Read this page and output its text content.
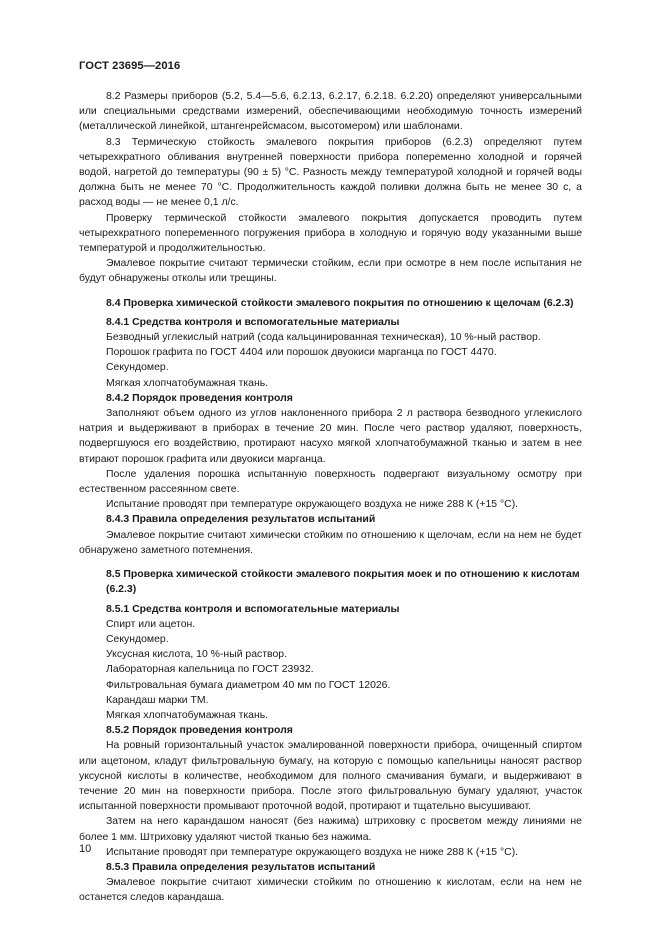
ГОСТ 23695—2016
8.2 Размеры приборов (5.2, 5.4—5.6, 6.2.13, 6.2.17, 6.2.18. 6.2.20) определяют универсальными или специальными средствами измерений, обеспечивающими необходимую точность измерений (металлической линейкой, штангенрейсмасом, высотомером) или шаблонами.
8.3 Термическую стойкость эмалевого покрытия приборов (6.2.3) определяют путем четырехкратного обливания внутренней поверхности прибора попеременно холодной и горячей водой, нагретой до температуры (90 ± 5) °С. Разность между температурой холодной и горячей воды должна быть не менее 70 °С. Продолжительность каждой поливки должна быть не менее 30 с, а расход воды — не менее 0,1 л/с.
Проверку термической стойкости эмалевого покрытия допускается проводить путем четырехкратного попеременного погружения прибора в холодную и горячую воду указанными выше температурой и продолжительностью.
Эмалевое покрытие считают термически стойким, если при осмотре в нем после испытания не будут обнаружены отколы или трещины.
8.4 Проверка химической стойкости эмалевого покрытия по отношению к щелочам (6.2.3)
8.4.1 Средства контроля и вспомогательные материалы
Безводный углекислый натрий (сода кальцинированная техническая), 10 %-ный раствор.
Порошок графита по ГОСТ 4404 или порошок двуокиси марганца по ГОСТ 4470.
Секундомер.
Мягкая хлопчатобумажная ткань.
8.4.2 Порядок проведения контроля
Заполняют объем одного из углов наклоненного прибора 2 л раствора безводного углекислого натрия и выдерживают в приборах в течение 20 мин. После чего раствор удаляют, поверхность, подвергшуюся его воздействию, протирают насухо мягкой хлопчатобумажной тканью и затем в нее втирают порошок графита или двуокиси марганца.
После удаления порошка испытанную поверхность подвергают визуальному осмотру при естественном рассеянном свете.
Испытание проводят при температуре окружающего воздуха не ниже 288 К (+15 °С).
8.4.3 Правила определения результатов испытаний
Эмалевое покрытие считают химически стойким по отношению к щелочам, если на нем не будет обнаружено заметного потемнения.
8.5 Проверка химической стойкости эмалевого покрытия моек и по отношению к кислотам (6.2.3)
8.5.1 Средства контроля и вспомогательные материалы
Спирт или ацетон.
Секундомер.
Уксусная кислота, 10 %-ный раствор.
Лабораторная капельница по ГОСТ 23932.
Фильтровальная бумага диаметром 40 мм по ГОСТ 12026.
Карандаш марки ТМ.
Мягкая хлопчатобумажная ткань.
8.5.2 Порядок проведения контроля
На ровный горизонтальный участок эмалированной поверхности прибора, очищенный спиртом или ацетоном, кладут фильтровальную бумагу, на которую с помощью капельницы наносят раствор уксусной кислоты в количестве, необходимом для полного смачивания бумаги, и выдерживают в течение 20 мин на поверхности прибора. После этого фильтровальную бумагу удаляют, участок испытанной поверхности промывают проточной водой, протирают и тщательно высушивают.
Затем на него карандашом наносят (без нажима) штриховку с просветом между линиями не более 1 мм. Штриховку удаляют чистой тканью без нажима.
Испытание проводят при температуре окружающего воздуха не ниже 288 К (+15 °С).
8.5.3 Правила определения результатов испытаний
Эмалевое покрытие считают химически стойким по отношению к кислотам, если на нем не останется следов карандаша.
10
